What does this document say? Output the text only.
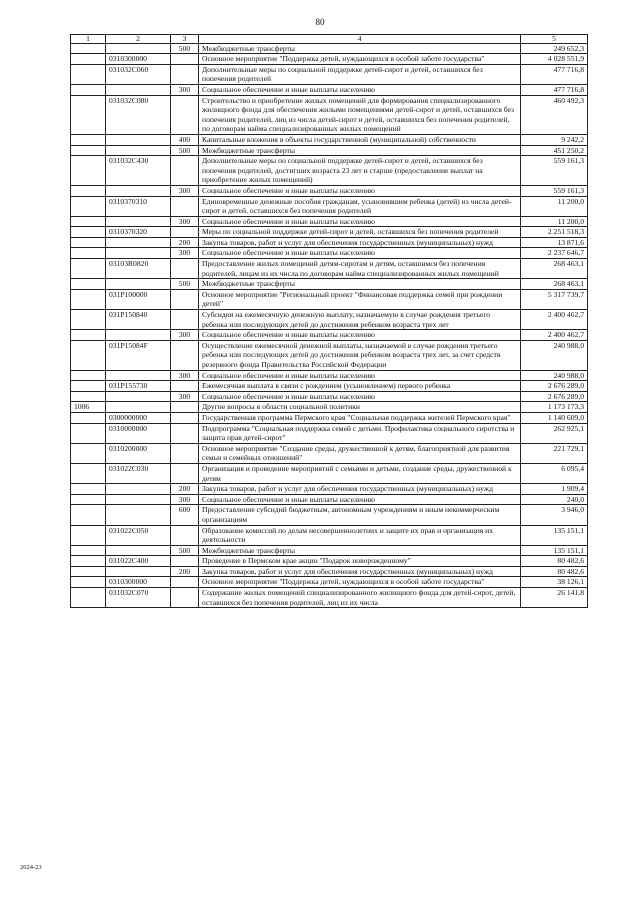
80
1	2	3	4	5
		500	Межбюджетные трансферты	249 652,3
	0310300000		Основное мероприятие "Поддержка детей, нуждающихся в особой заботе государства"	4 028 551,9
	031032С060		Дополнительные меры по социальной поддержке детей-сирот и детей, оставшихся без попечения родителей	477 716,8
		300	Социальное обеспечение и иные выплаты населению	477 716,8
	031032С080		Строительство и приобретение жилых помещений для формирования специализированного жилищного фонда для обеспечения жилыми помещениями детей-сирот и детей, оставшихся без попечения родителей, лиц из числа детей-сирот и детей, оставшихся без попечения родителей, по договорам найма специализированных жилых помещений	460 492,3
		400	Капитальные вложения в объекты государственной (муниципальной) собственности	9 242,2
		500	Межбюджетные трансферты	451 250,2
	031032С430		Дополнительные меры по социальной поддержке детей-сирот и детей, оставшихся без попечения родителей, достигших возраста 23 лет и старше (предоставление выплат на приобретение жилых помещений)	559 161,3
		300	Социальное обеспечение и иные выплаты населению	559 161,3
	0310370310		Единовременные денежные пособия гражданам, усыновившим ребенка (детей) из числа детей-сирот и детей, оставшихся без попечения родителей	11 200,0
		300	Социальное обеспечение и иные выплаты населению	11 200,0
	0310370320		Меры по социальной поддержке детей-сирот и детей, оставшихся без попечения родителей	2 251 518,3
		200	Закупка товаров, работ и услуг для обеспечения государственных (муниципальных) нужд	13 871,6
		300	Социальное обеспечение и иные выплаты населению	2 237 646,7
	03103R0820		Предоставление жилых помещений детям-сиротам и детям, оставшимся без попечения родителей, лицам из их числа по договорам найма специализированных жилых помещений	268 463,1
		500	Межбюджетные трансферты	268 463,1
	031P100000		Основное мероприятие "Региональный проект "Финансовая поддержка семей при рождении детей"	5 317 739,7
	031P150840		Субсидия на ежемесячную денежную выплату, назначаемую в случае рождения третьего ребенка или последующих детей до достижения ребенком возраста трех лет	2 400 462,7
		300	Социальное обеспечение и иные выплаты населению	2 400 462,7
	031P15084F		Осуществление ежемесячной денежной выплаты, назначаемой в случае рождения третьего ребенка или последующих детей до достижения ребенком возраста трех лет, за счет средств резервного фонда Правительства Российской Федерации	240 988,0
		300	Социальное обеспечение и иные выплаты населению	240 988,0
	031P155730		Ежемесячная выплата в связи с рождением (усыновлением) первого ребенка	2 676 289,0
		300	Социальное обеспечение и иные выплаты населению	2 676 289,0
1006			Другие вопросы в области социальной политики	1 173 173,3
	0300000000		Государственная программа Пермского края "Социальная поддержка жителей Пермского края"	1 140 609,0
	0310000000		Подпрограмма "Социальная поддержка семей с детьми. Профилактика социального сиротства и защита прав детей-сирот"	262 925,1
	0310200000		Основное мероприятие "Создание среды, дружественной к детям, благоприятной для развития семьи и семейных отношений"	221 729,1
	031022С030		Организация и проведение мероприятий с семьями и детьми, создание среды, дружественной к детям	6 095,4
		200	Закупка товаров, работ и услуг для обеспечения государственных (муниципальных) нужд	1 909,4
		300	Социальное обеспечение и иные выплаты населению	240,0
		600	Предоставление субсидий бюджетным, автономным учреждениям и иным некоммерческим организациям	3 946,0
	031022С050		Образование комиссий по делам несовершеннолетних и защите их прав и организация их деятельности	135 151,1
		500	Межбюджетные трансферты	135 151,1
	031022С400		Проведение в Пермском крае акции "Подарок новорожденному"	80 482,6
		200	Закупка товаров, работ и услуг для обеспечения государственных (муниципальных) нужд	80 482,6
	0310300000		Основное мероприятие "Поддержка детей, нуждающихся в особой заботе государства"	38 126,1
	031032С070		Содержание жилых помещений специализированного жилищного фонда для детей-сирот, детей, оставшихся без попечения родителей, лиц из их числа	26 141,8
2024-23
